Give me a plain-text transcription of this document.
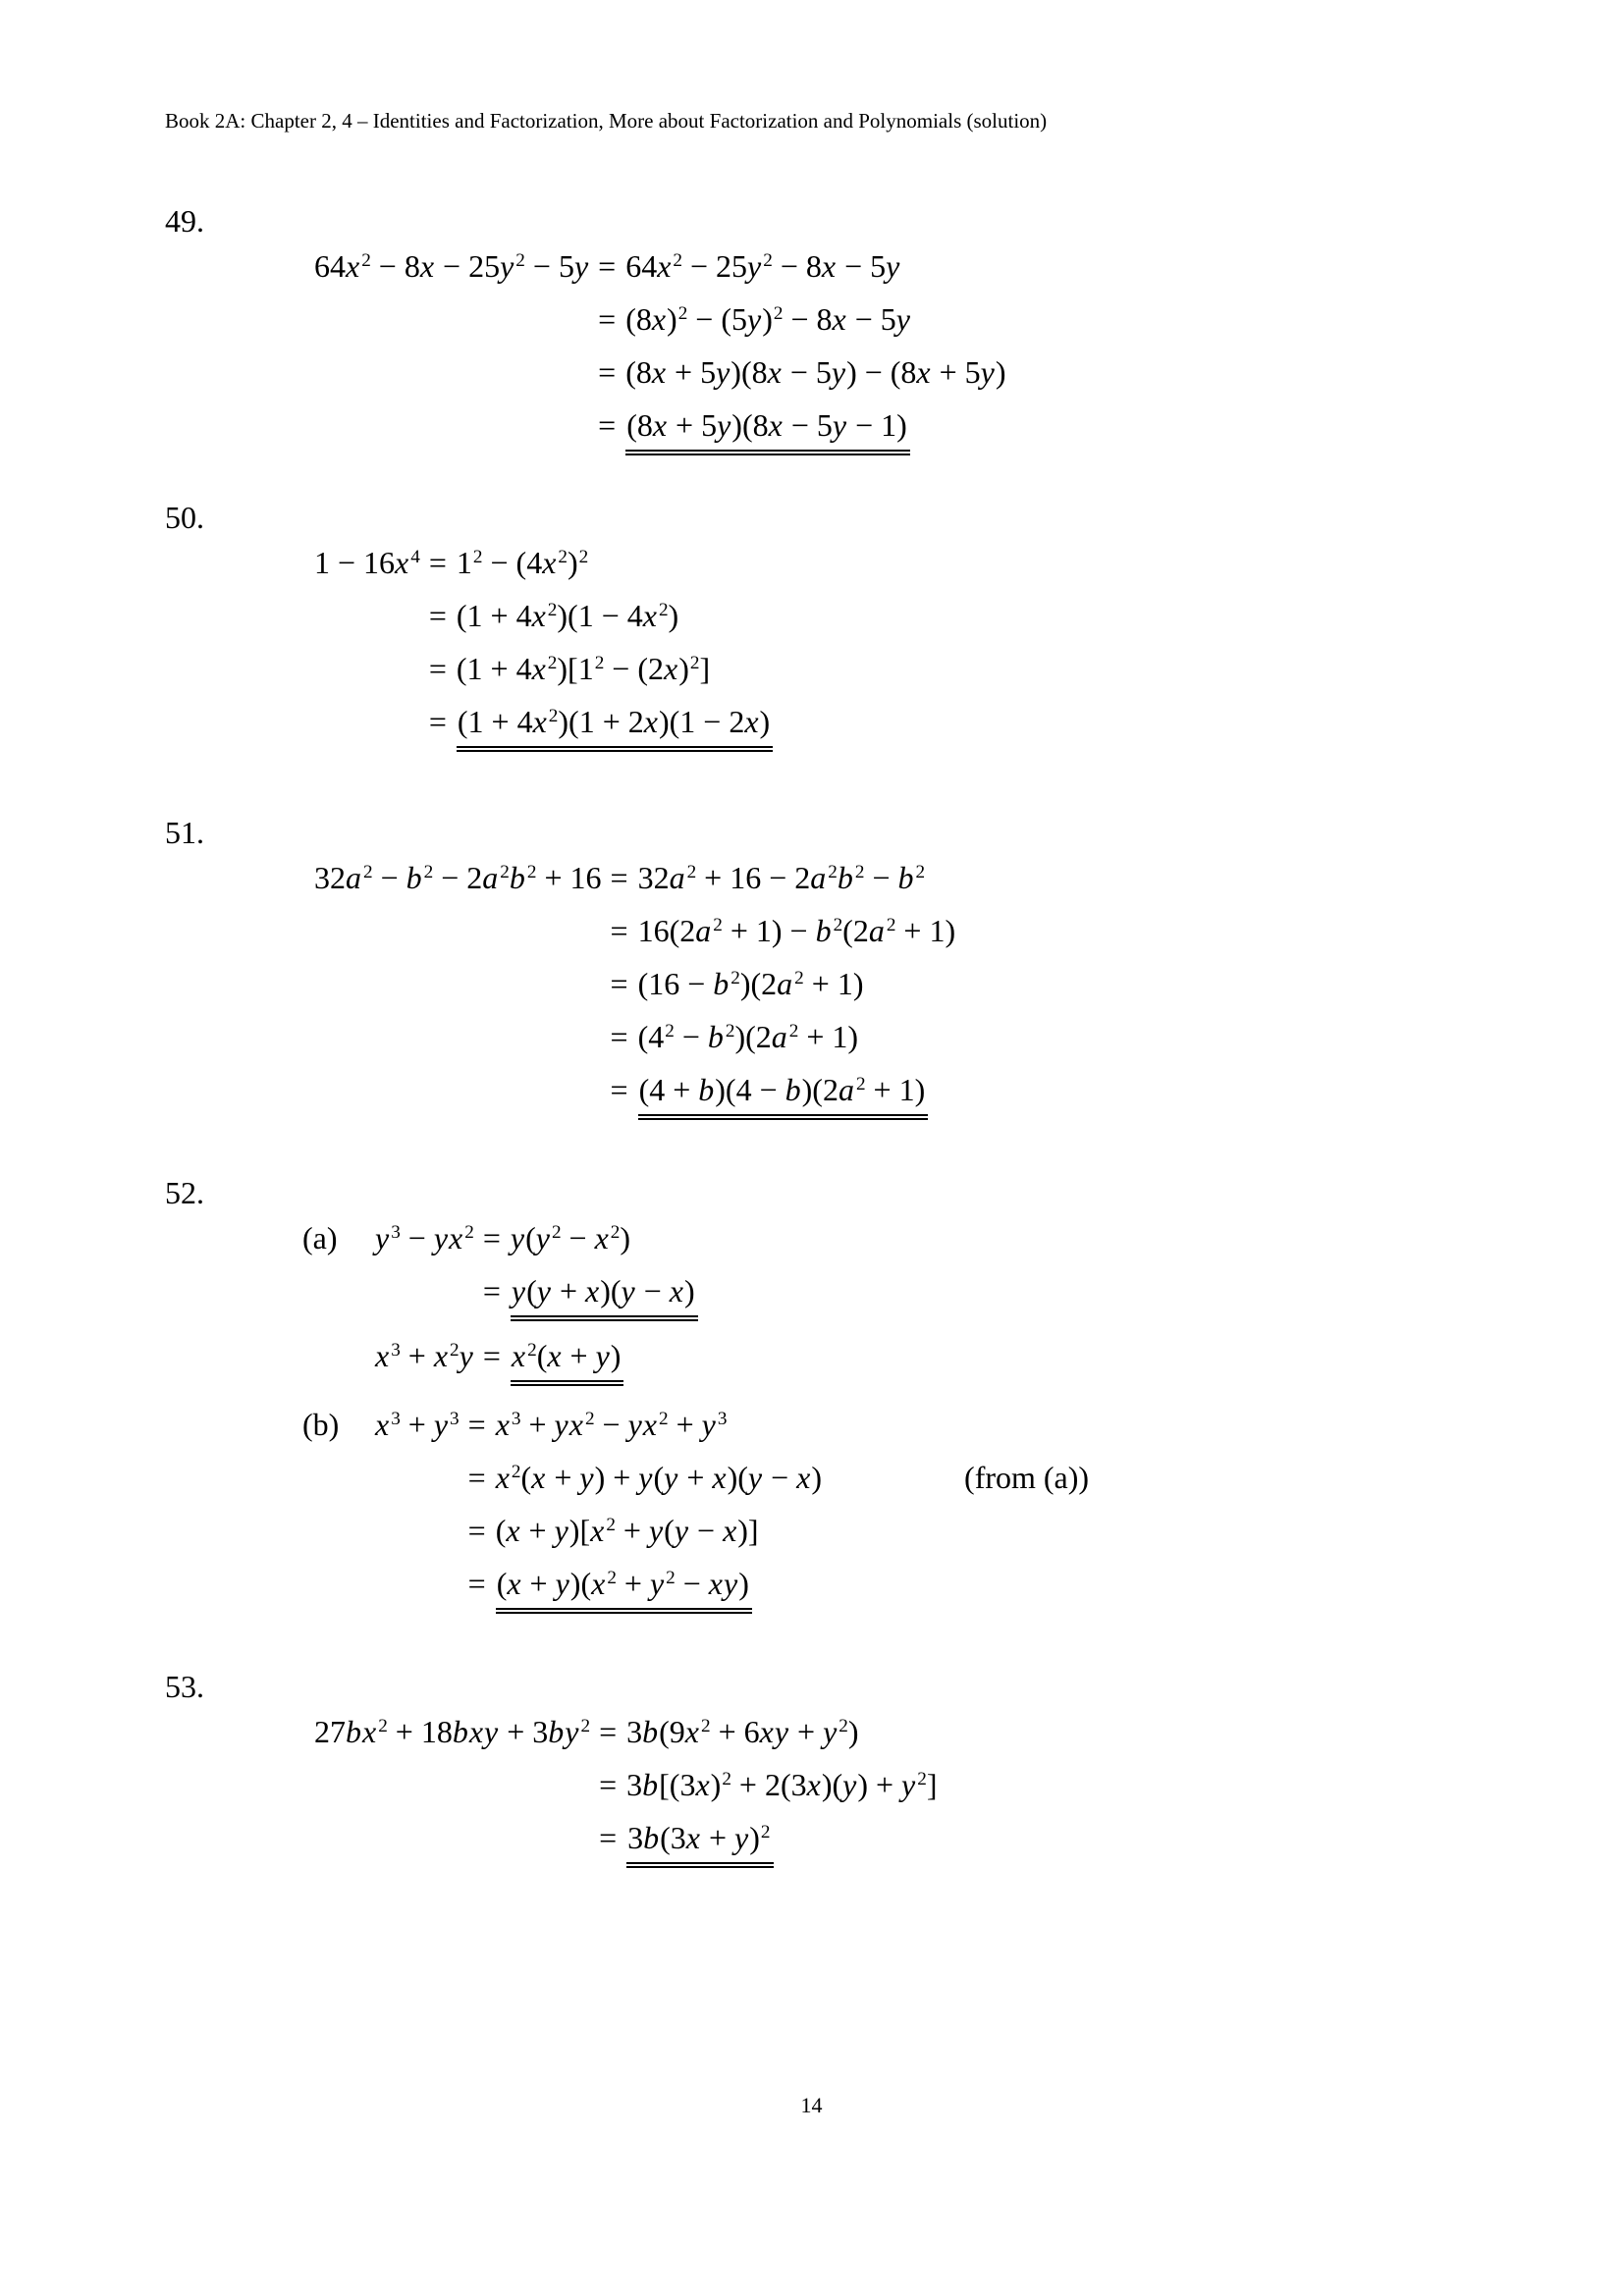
Book 2A: Chapter 2, 4 – Identities and Factorization, More about Factorization and Polynomials (solution)
49.
64x $^2$ − 8x − 25y $^2$ − 5y	= 64x $^2$ − 25y $^2$ − 8x − 5y
	= $(8x)^2 - (5y)^2 - 8x - 5y$
	= (8x + 5y)(8x − 5y) − (8x + 5y)
	= (8x + 5y)(8x − 5y − 1)
50.
1 − 16x $^4$	= $1^2 - (4x$ $^2$)$^2$
	= (1 + 4x $^2$)(1 − 4x $^2$)
	= (1 + 4x $^2)[1^2 - (2x)^2]$
	= (1 + 4x $^2$)(1 + 2x)(1 − 2x)
51.
32a $^2$ − b $^2$ − 2a $^2$b $^2$ + 16	= 32a $^2$ + 16 − 2a $^2$b $^2$ − b $^2$
	= 16(2a $^2$ + 1) − b $^2$(2a $^2$ + 1)
	= (16 − b $^2$)(2a $^2$ + 1)
	= ($4^2 - b$ $^2$)(2a $^2$ + 1)
	= (4 + b)(4 − b)(2a $^2$ + 1)
52.
(a)	y $^3$ − yx $^2$	= y(y $^2$ − x $^2$)
	= y(y + x)(y − x)
x $^3$ + x $^2$y	= x $^2$(x + y)
(b)	x $^3$ + y $^3$	= x $^3$ + yx $^2$ − yx $^2$ + y $^3$
	= x $^2$(x + y) + y(y + x)(y − x)	(from (a))
	= (x + y)[x $^2$ + y(y − x)]
	= (x + y)(x $^2$ + y $^2$ − xy)
53.
27bx $^2$ + 18bxy + 3by $^2$	= 3b(9x $^2$ + 6xy + y $^2$)
	= $3b[(3x)^2 + 2(3x)(y) + y$ $^2$]
	= $3b(3x + y)^2$
14
